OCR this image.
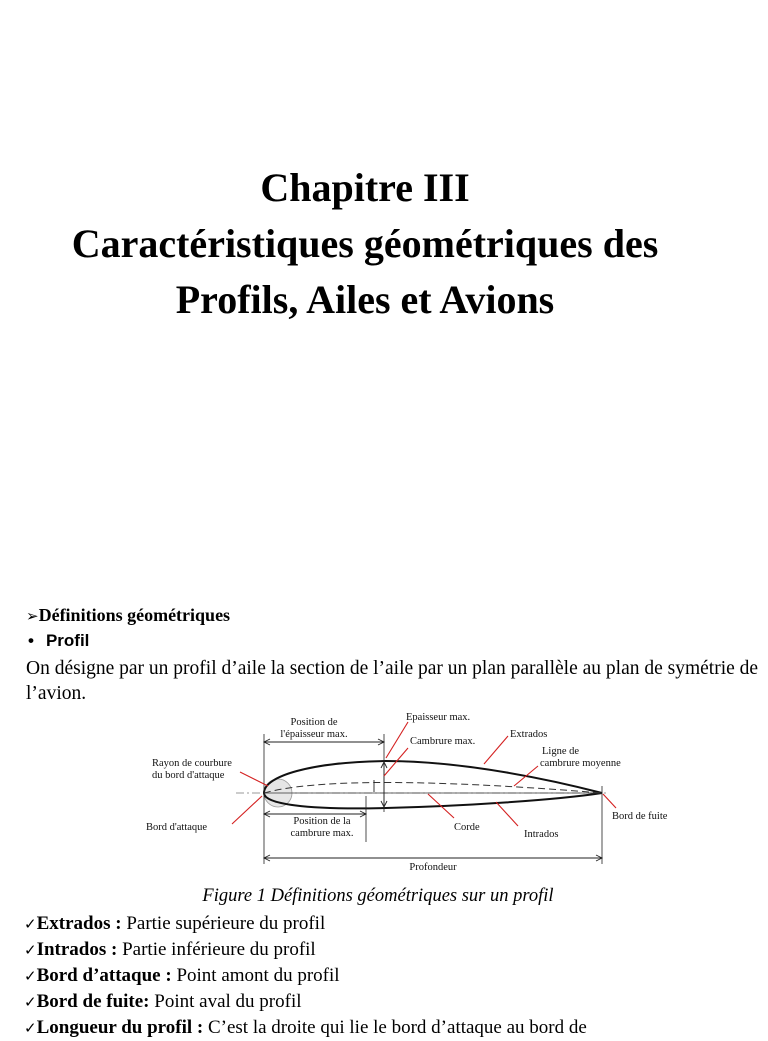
Chapitre III
Caractéristiques géométriques des
Profils, Ailes et Avions
➢Définitions géométriques
• Profil
On désigne par un profil d’aile la section de l’aile par un plan parallèle au plan de symétrie de l’avion.
Position de
l'épaisseur max.
Epaisseur max.
Extrados
Cambrure max.
Ligne de
cambrure moyenne
Rayon de courbure
du bord d'attaque
Bord d'attaque
Position de la
cambrure max.
Corde
Intrados
Bord de fuite
Profondeur
Figure 1 Définitions géométriques sur un profil
✓Extrados : Partie supérieure du profil
✓Intrados : Partie inférieure du profil
✓Bord d’attaque : Point amont du profil
✓Bord de fuite: Point aval du profil
✓Longueur du profil : C’est la droite qui lie le bord d’attaque au bord de
